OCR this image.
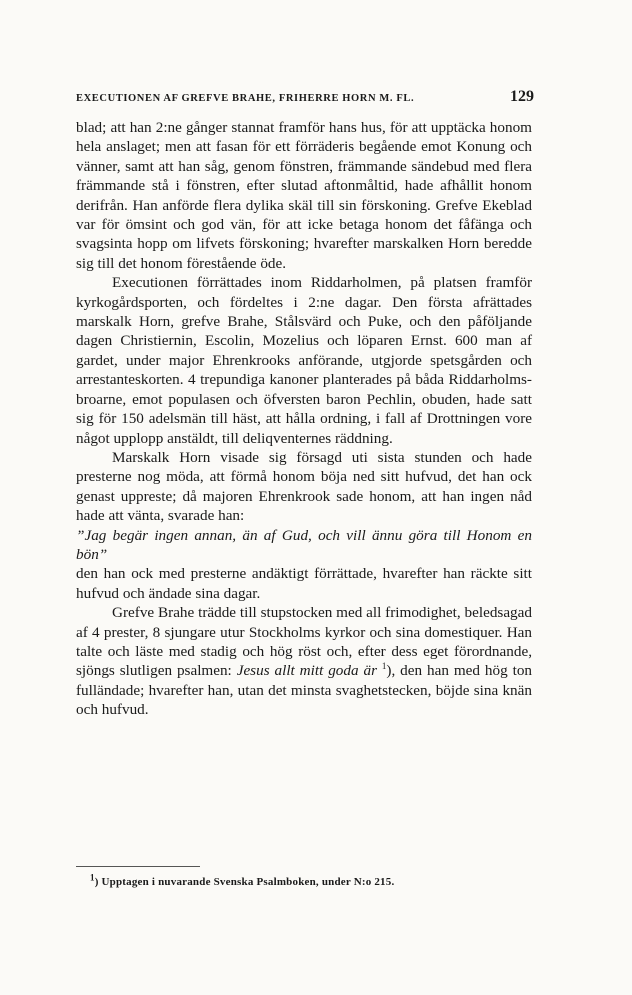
EXECUTIONEN AF GREFVE BRAHE, FRIHERRE HORN M. FL.	129

blad; att han 2:ne gånger stannat framför hans hus, för att upptäcka honom hela anslaget; men att fasan för ett förräderis begående emot Konung och vänner, samt att han såg, genom fönstren, främmande sändebud med flera främmande stå i fönstren, efter slutad aftonmåltid, hade afhållit honom derifrån. Han anförde flera dylika skäl till sin förskoning. Grefve Ekeblad var för ömsint och god vän, för att icke betaga honom det fåfänga och svagsinta hopp om lifvets förskoning; hvarefter marskalken Horn beredde sig till det honom förestående öde.

Executionen förrättades inom Riddarholmen, på platsen framför kyrkogårdsporten, och fördeltes i 2:ne dagar. Den första afrättades marskalk Horn, grefve Brahe, Stålsvärd och Puke, och den påföljande dagen Christiernin, Escolin, Mozelius och löparen Ernst. 600 man af gardet, under major Ehrenkrooks anförande, utgjorde spetsgården och arrestanteskorten. 4 trepundiga kanoner planterades på båda Riddarholms-broarne, emot populasen och öfversten baron Pechlin, obuden, hade satt sig för 150 adelsmän till häst, att hålla ordning, i fall af Drottningen vore något upplopp anstäldt, till deliqventernes räddning.

Marskalk Horn visade sig försagd uti sista stunden och hade presterne nog möda, att förmå honom böja ned sitt hufvud, det han ock genast uppreste; då majoren Ehrenkrook sade honom, att han ingen nåd hade att vänta, svarade han:

”Jag begär ingen annan, än af Gud, och vill ännu göra till Honom en bön”

den han ock med presterne andäktigt förrättade, hvarefter han räckte sitt hufvud och ändade sina dagar.

Grefve Brahe trädde till stupstocken med all frimodighet, beledsagad af 4 prester, 8 sjungare utur Stockholms kyrkor och sina domestiquer. Han talte och läste med stadig och hög röst och, efter dess eget förordnande, sjöngs slutligen psalmen: Jesus allt mitt goda är $^1$), den han med hög ton fulländade; hvarefter han, utan det minsta svaghetstecken, böjde sina knän och hufvud.

$^1$) Upptagen i nuvarande Svenska Psalmboken, under N:o 215.
